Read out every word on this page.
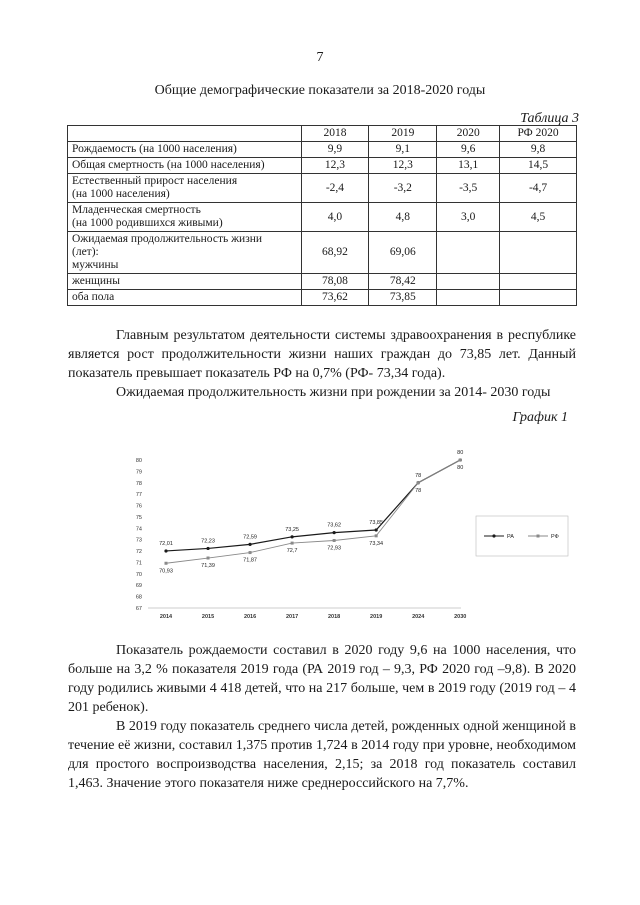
7
Общие демографические показатели за 2018-2020 годы
Таблица 3
	2018	2019	2020	РФ 2020
Рождаемость (на 1000 населения)	9,9	9,1	9,6	9,8
Общая смертность (на 1000 населения)	12,3	12,3	13,1	14,5
Естественный прирост населения
(на 1000 населения)	-2,4	-3,2	-3,5	-4,7
Младенческая смертность
(на 1000 родившихся живыми)	4,0	4,8	3,0	4,5
Ожидаемая продолжительность жизни
(лет):
мужчины	68,92	69,06		
женщины	78,08	78,42		
оба пола	73,62	73,85		
Главным результатом деятельности системы здравоохранения в республике является рост продолжительности жизни наших граждан до 73,85 лет. Данный показатель превышает показатель РФ на 0,7% (РФ- 73,34 года).
Ожидаемая продолжительность жизни при рождении за 2014- 2030 годы
График 1
67
68
69
70
71
72
73
74
75
76
77
78
79
80
2014	2015	2016	2017	2018	2019	2024	2030
72,01	72,23
72,59
73,25
73,62	73,85
78
80
70,93
71,39
71,87
72,7	72,93
73,34
78
80
РА	РФ
Показатель рождаемости составил в 2020 году 9,6 на 1000 населения, что больше на 3,2 % показателя 2019 года (РА 2019 год – 9,3, РФ 2020 год –9,8). В 2020 году родились живыми 4 418 детей, что на 217 больше, чем в 2019 году (2019 год – 4 201 ребенок).
В 2019 году показатель среднего числа детей, рожденных одной женщиной в течение её жизни, составил 1,375 против 1,724 в 2014 году при уровне, необходимом для простого воспроизводства населения, 2,15; за 2018 год показатель составил 1,463. Значение этого показателя ниже среднероссийского на 7,7%.
